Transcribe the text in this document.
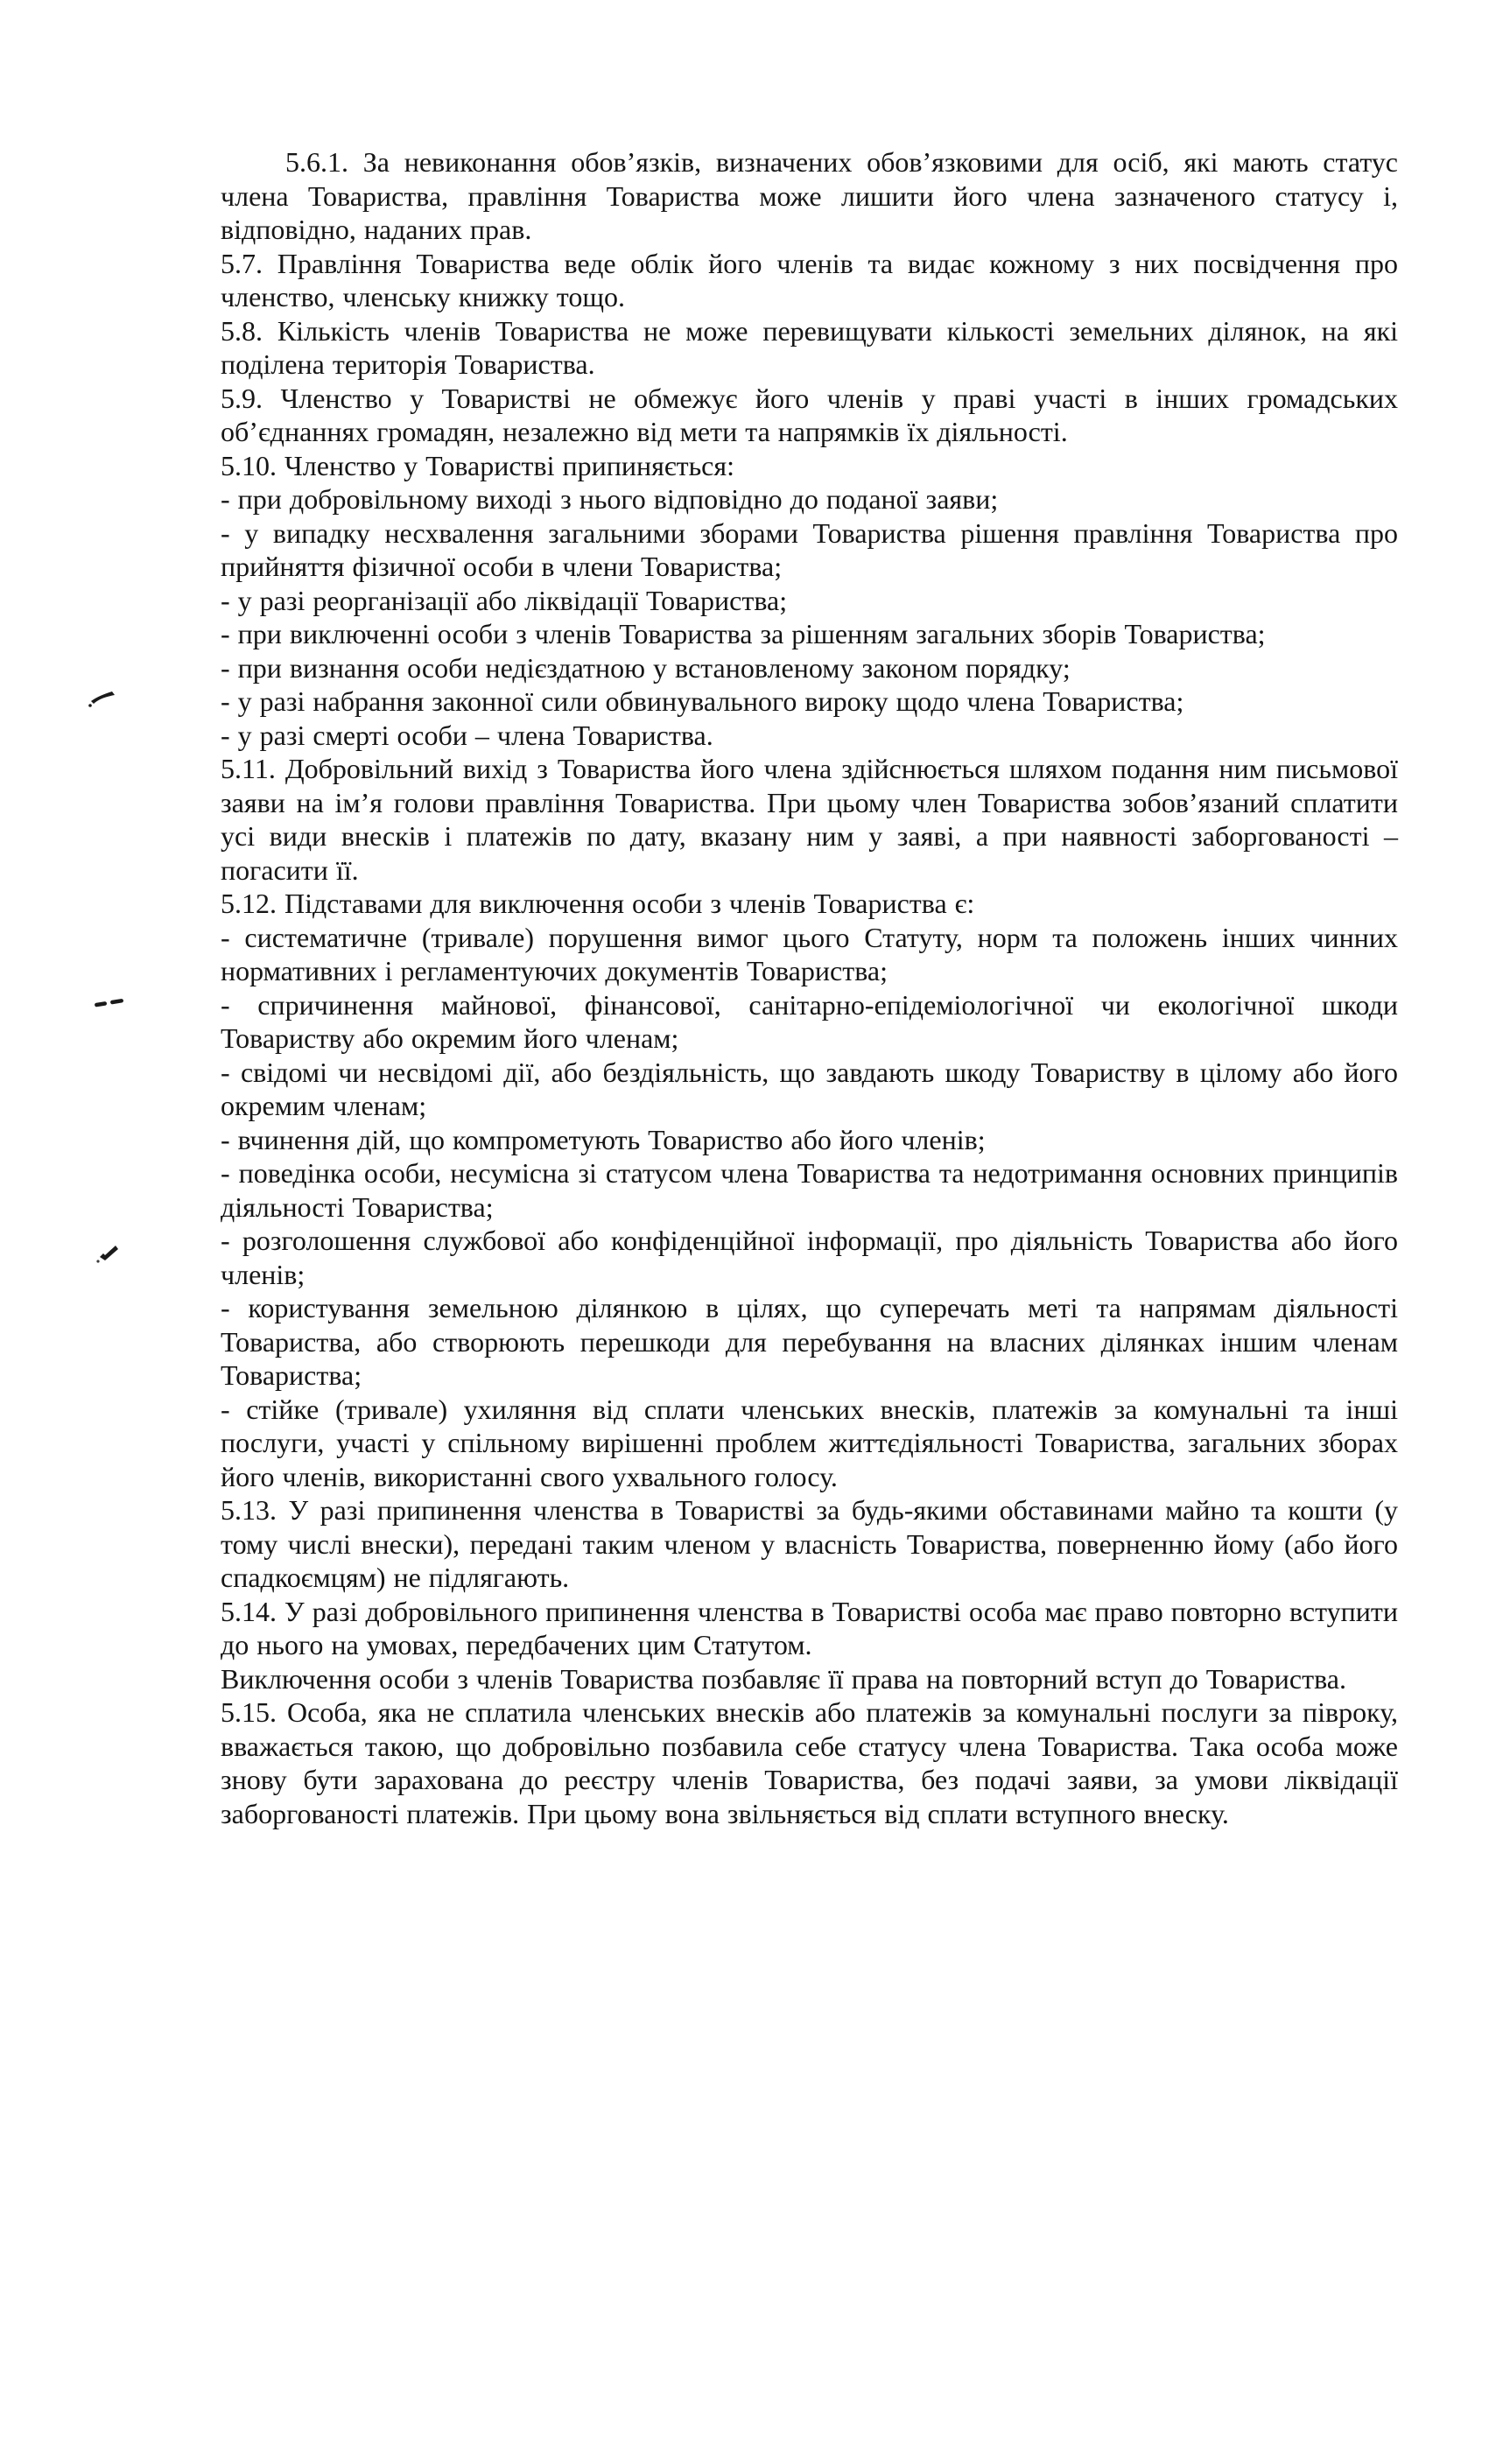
5.6.1. За невиконання обов’язків, визначених обов’язковими для осіб, які мають статус члена Товариства, правління Товариства може лишити його члена зазначеного статусу і, відповідно, наданих прав.

5.7. Правління Товариства веде облік його членів та видає кожному з них посвідчення про членство, членську книжку тощо.

5.8. Кількість членів Товариства не може перевищувати кількості земельних ділянок, на які поділена територія Товариства.

5.9. Членство у Товаристві не обмежує його членів у праві участі в інших громадських об’єднаннях громадян, незалежно від мети та напрямків їх діяльності.

5.10. Членство у Товаристві припиняється:

- при добровільному виході з нього відповідно до поданої заяви;

- у випадку несхвалення загальними зборами Товариства рішення правління Товариства про прийняття фізичної особи в члени Товариства;

- у разі реорганізації або ліквідації Товариства;

- при виключенні особи з членів Товариства за рішенням загальних зборів Товариства;

- при визнання особи недієздатною у встановленому законом порядку;

- у разі набрання законної сили обвинувального вироку щодо члена Товариства;

- у разі смерті особи – члена Товариства.

5.11. Добровільний вихід з Товариства його члена здійснюється шляхом подання ним письмової заяви на ім’я голови правління Товариства. При цьому член Товариства зобов’язаний сплатити усі види внесків і платежів по дату, вказану ним у заяві, а при наявності заборгованості – погасити її.

5.12. Підставами для виключення особи з членів Товариства є:

- систематичне (тривале) порушення вимог цього Статуту, норм та положень інших чинних нормативних і регламентуючих документів Товариства;

- спричинення майнової, фінансової, санітарно-епідеміологічної чи екологічної шкоди Товариству або окремим його членам;

- свідомі чи несвідомі дії, або бездіяльність, що завдають шкоду Товариству в цілому або його окремим членам;

- вчинення дій, що компрометують Товариство або його членів;

- поведінка особи, несумісна зі статусом члена Товариства та недотримання основних принципів діяльності Товариства;

- розголошення службової або конфіденційної інформації, про діяльність Товариства або його членів;

- користування земельною ділянкою в цілях, що суперечать меті та напрямам діяльності Товариства, або створюють перешкоди для перебування на власних ділянках іншим членам Товариства;

- стійке (тривале) ухиляння від сплати членських внесків, платежів за комунальні та інші послуги, участі у спільному вирішенні проблем життєдіяльності Товариства, загальних зборах його членів, використанні свого ухвального голосу.

5.13. У разі припинення членства в Товаристві за будь-якими обставинами майно та кошти (у тому числі внески), передані таким членом у власність Товариства, поверненню йому (або його спадкоємцям) не підлягають.

5.14. У разі добровільного припинення членства в Товаристві особа має право повторно вступити до нього на умовах, передбачених цим Статутом.

Виключення особи з членів Товариства позбавляє її права на повторний вступ до Товариства.

5.15. Особа, яка не сплатила членських внесків або платежів за комунальні послуги за півроку, вважається такою, що добровільно позбавила себе статусу члена Товариства. Така особа може знову бути зарахована до реєстру членів Товариства, без подачі заяви, за умови ліквідації заборгованості платежів. При цьому вона звільняється від сплати вступного внеску.
